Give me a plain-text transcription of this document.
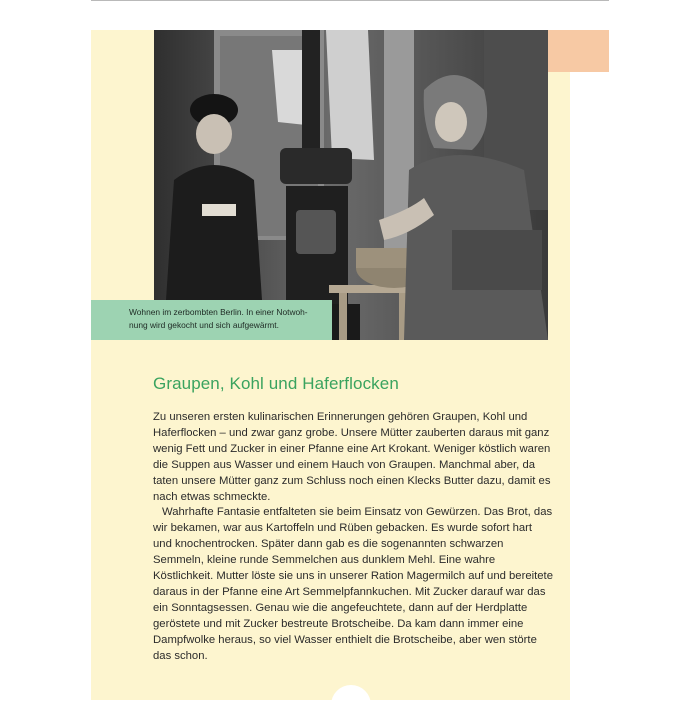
Wohnen im zerbombten Berlin. In einer Notwoh-nung wird gekocht und sich aufgewärmt.
Graupen, Kohl und Haferflocken

Zu unseren ersten kulinarischen Erinnerungen gehören Graupen, Kohl und Haferflocken – und zwar ganz grobe. Unsere Mütter zauberten daraus mit ganz wenig Fett und Zucker in einer Pfanne eine Art Krokant. Weniger köstlich waren die Suppen aus Wasser und einem Hauch von Graupen. Manchmal aber, da taten unsere Mütter ganz zum Schluss noch einen Klecks Butter dazu, damit es nach etwas schmeckte.

Wahrhafte Fantasie entfalteten sie beim Einsatz von Gewürzen. Das Brot, das wir bekamen, war aus Kartoffeln und Rüben gebacken. Es wurde sofort hart und knochentrocken. Später dann gab es die sogenannten schwarzen Semmeln, kleine runde Semmelchen aus dunklem Mehl. Eine wahre Köstlichkeit. Mutter löste sie uns in unserer Ration Magermilch auf und bereitete daraus in der Pfanne eine Art Semmelpfannkuchen. Mit Zucker darauf war das ein Sonntagsessen. Genau wie die angefeuchtete, dann auf der Herdplatte geröstete und mit Zucker bestreute Brotscheibe. Da kam dann immer eine Dampfwolke heraus, so viel Wasser enthielt die Brotscheibe, aber wen störte das schon.
